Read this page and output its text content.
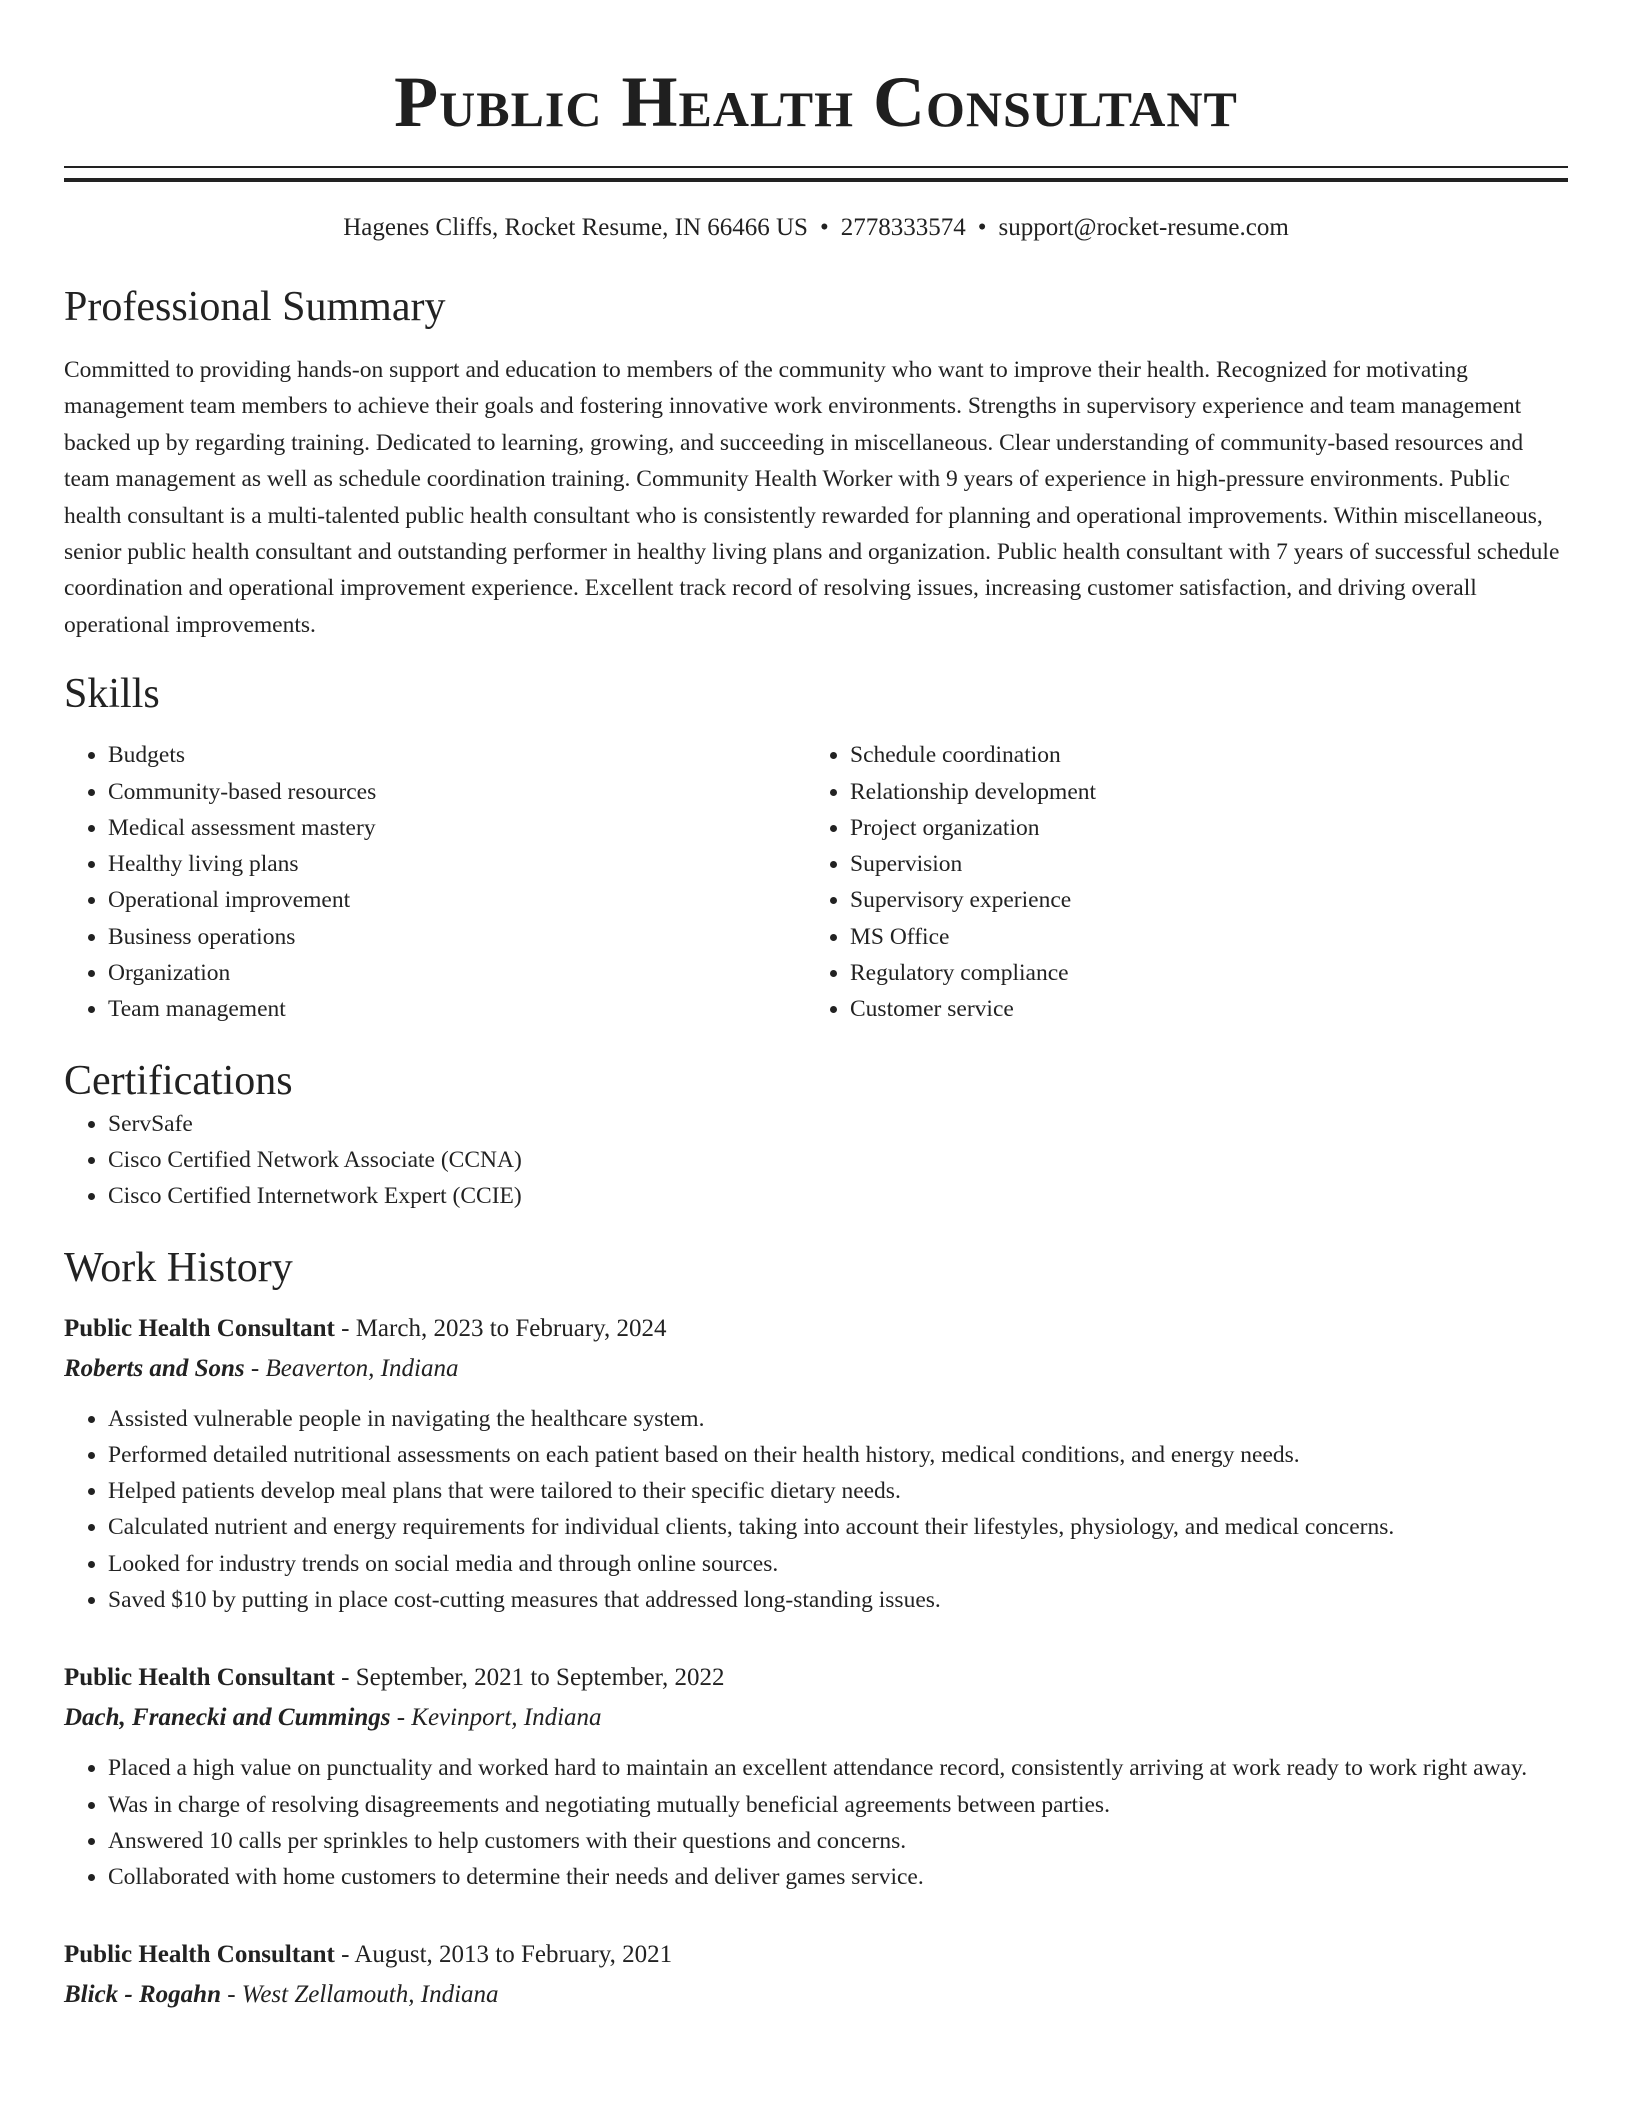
Public Health Consultant
Hagenes Cliffs, Rocket Resume, IN 66466 US • 2778333574 • support@rocket-resume.com
Professional Summary
Committed to providing hands-on support and education to members of the community who want to improve their health. Recognized for motivating management team members to achieve their goals and fostering innovative work environments. Strengths in supervisory experience and team management backed up by regarding training. Dedicated to learning, growing, and succeeding in miscellaneous. Clear understanding of community-based resources and team management as well as schedule coordination training. Community Health Worker with 9 years of experience in high-pressure environments. Public health consultant is a multi-talented public health consultant who is consistently rewarded for planning and operational improvements. Within miscellaneous, senior public health consultant and outstanding performer in healthy living plans and organization. Public health consultant with 7 years of successful schedule coordination and operational improvement experience. Excellent track record of resolving issues, increasing customer satisfaction, and driving overall operational improvements.
Skills
• Budgets
• Community-based resources
• Medical assessment mastery
• Healthy living plans
• Operational improvement
• Business operations
• Organization
• Team management
• Schedule coordination
• Relationship development
• Project organization
• Supervision
• Supervisory experience
• MS Office
• Regulatory compliance
• Customer service
Certifications
• ServSafe
• Cisco Certified Network Associate (CCNA)
• Cisco Certified Internetwork Expert (CCIE)
Work History
Public Health Consultant - March, 2023 to February, 2024
Roberts and Sons - Beaverton, Indiana
• Assisted vulnerable people in navigating the healthcare system.
• Performed detailed nutritional assessments on each patient based on their health history, medical conditions, and energy needs.
• Helped patients develop meal plans that were tailored to their specific dietary needs.
• Calculated nutrient and energy requirements for individual clients, taking into account their lifestyles, physiology, and medical concerns.
• Looked for industry trends on social media and through online sources.
• Saved $10 by putting in place cost-cutting measures that addressed long-standing issues.
Public Health Consultant - September, 2021 to September, 2022
Dach, Franecki and Cummings - Kevinport, Indiana
• Placed a high value on punctuality and worked hard to maintain an excellent attendance record, consistently arriving at work ready to work right away.
• Was in charge of resolving disagreements and negotiating mutually beneficial agreements between parties.
• Answered 10 calls per sprinkles to help customers with their questions and concerns.
• Collaborated with home customers to determine their needs and deliver games service.
Public Health Consultant - August, 2013 to February, 2021
Blick - Rogahn - West Zellamouth, Indiana
